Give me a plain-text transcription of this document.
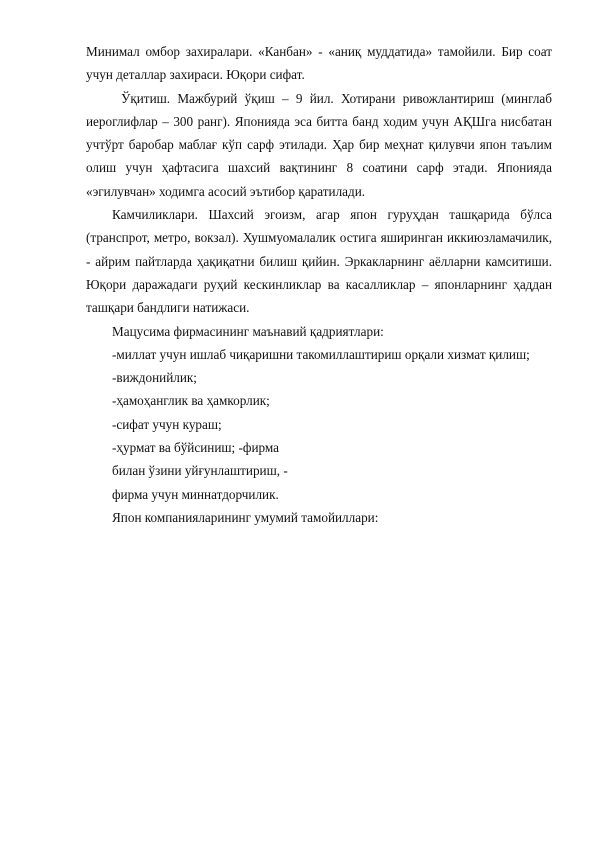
Минимал омбор захиралари. «Канбан» - «аниқ муддатида» тамойили. Бир соат учун деталлар захираси. Юқори сифат.

Ўқитиш. Мажбурий ўқиш – 9 йил. Хотирани ривожлантириш (минглаб иероглифлар – 300 ранг). Японияда эса битта банд ходим учун АҚШга нисбатан учтўрт баробар маблағ кўп сарф этилади. Ҳар бир меҳнат қилувчи япон таълим олиш учун ҳафтасига шахсий вақтининг 8 соатини сарф этади. Японияда «эгилувчан» ходимга асосий эътибор қаратилади.

Камчиликлари. Шахсий эгоизм, агар япон гуруҳдан ташқарида бўлса (транспрот, метро, вокзал). Хушмуомалалик остига яширинган иккиюзламачилик, - айрим пайтларда ҳақиқатни билиш қийин. Эркакларнинг аёлларни камситиши. Юқори даражадаги руҳий кескинликлар ва касалликлар – японларнинг ҳаддан ташқари бандлиги натижаси.

Мацусима фирмасининг маънавий қадриятлари:

-миллат учун ишлаб чиқаришни такомиллаштириш орқали хизмат қилиш;

-виждонийлик;

-ҳамоҳанглик ва ҳамкорлик;

-сифат учун кураш;

-ҳурмат ва бўйсиниш; -фирма

билан ўзини уйғунлаштириш, -

фирма учун миннатдорчилик.

Япон компанияларининг умумий тамойиллари:
